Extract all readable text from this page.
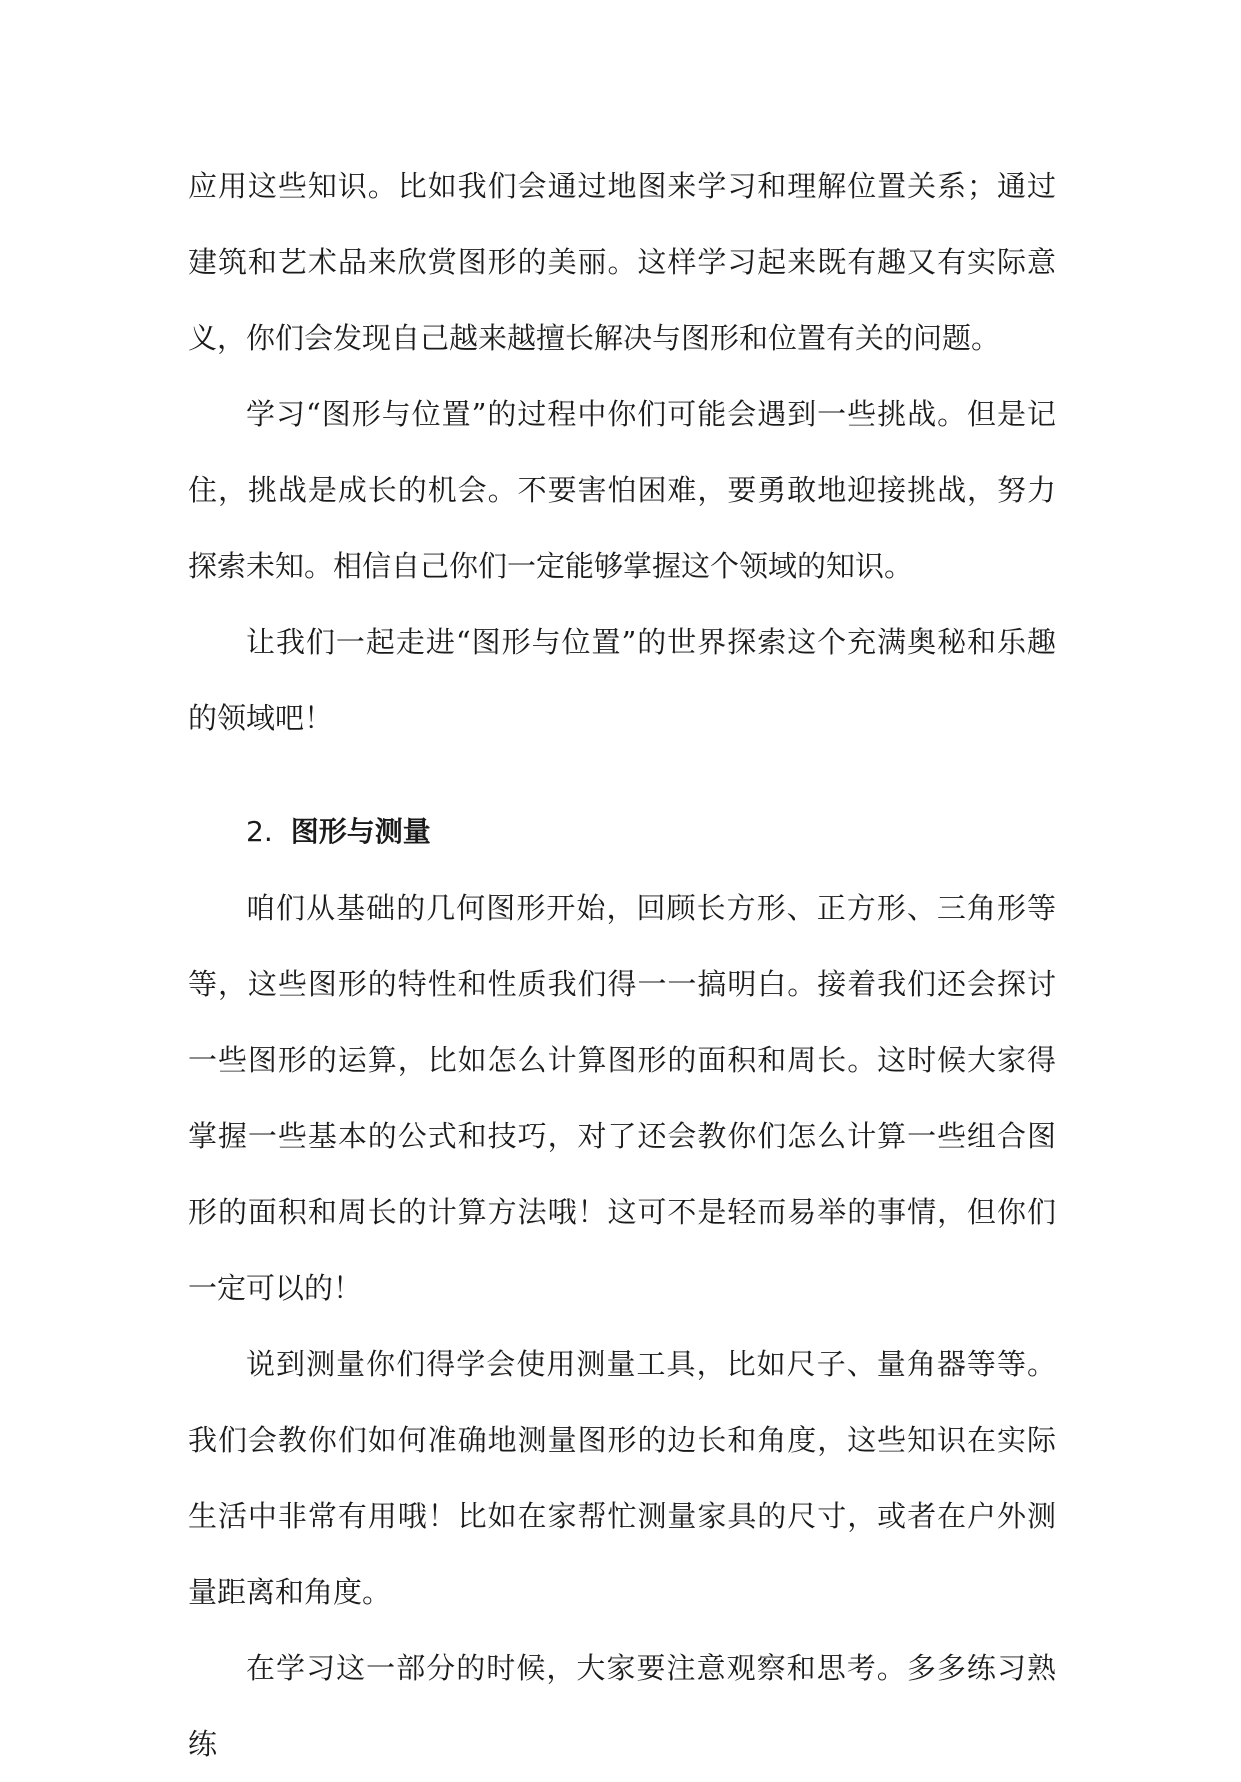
应用这些知识。比如我们会通过地图来学习和理解位置关系；通过建筑和艺术品来欣赏图形的美丽。这样学习起来既有趣又有实际意义，你们会发现自己越来越擅长解决与图形和位置有关的问题。

学习“图形与位置”的过程中你们可能会遇到一些挑战。但是记住，挑战是成长的机会。不要害怕困难，要勇敢地迎接挑战，努力探索未知。相信自己你们一定能够掌握这个领域的知识。

让我们一起走进“图形与位置”的世界探索这个充满奥秘和乐趣的领域吧！

2. 图形与测量

咱们从基础的几何图形开始，回顾长方形、正方形、三角形等等，这些图形的特性和性质我们得一一搞明白。接着我们还会探讨一些图形的运算，比如怎么计算图形的面积和周长。这时候大家得掌握一些基本的公式和技巧，对了还会教你们怎么计算一些组合图形的面积和周长的计算方法哦！这可不是轻而易举的事情，但你们一定可以的！

说到测量你们得学会使用测量工具，比如尺子、量角器等等。我们会教你们如何准确地测量图形的边长和角度，这些知识在实际生活中非常有用哦！比如在家帮忙测量家具的尺寸，或者在户外测量距离和角度。

在学习这一部分的时候，大家要注意观察和思考。多多练习熟练
